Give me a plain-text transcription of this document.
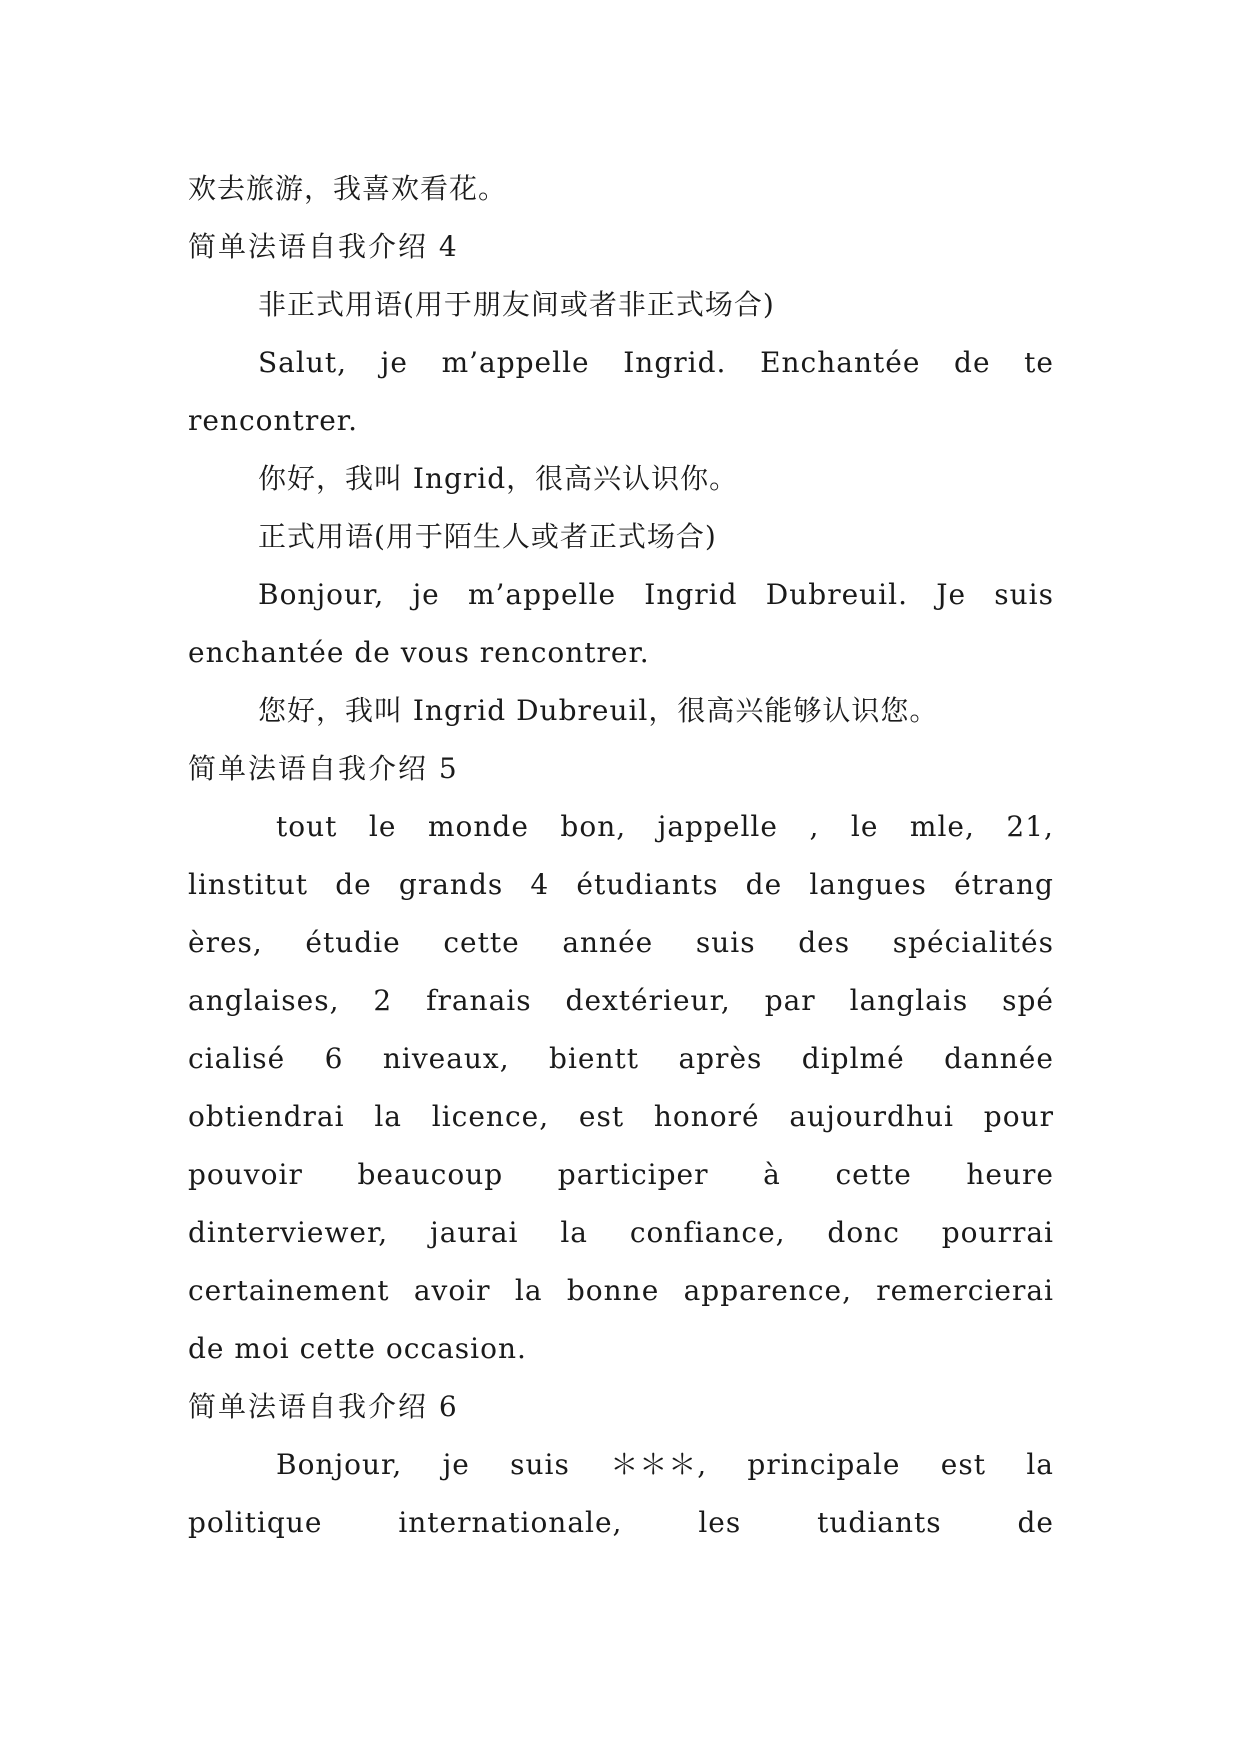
欢去旅游，我喜欢看花。
简单法语自我介绍 4
非正式用语(用于朋友间或者非正式场合)
Salut, je m’appelle Ingrid. Enchantée de te
rencontrer.
你好，我叫 Ingrid，很高兴认识你。
正式用语(用于陌生人或者正式场合)
Bonjour, je m’appelle Ingrid Dubreuil. Je suis
enchantée de vous rencontrer.
您好，我叫 Ingrid Dubreuil，很高兴能够认识您。
简单法语自我介绍 5
tout le monde bon, jappelle , le mle, 21,
linstitut de grands 4 étudiants de langues étrang
ères, étudie cette année suis des spécialités
anglaises, 2 franais dextérieur, par langlais spé
cialisé 6 niveaux, bientt après diplmé dannée
obtiendrai la licence, est honoré aujourdhui pour
pouvoir beaucoup participer à cette heure
dinterviewer, jaurai la confiance, donc pourrai
certainement avoir la bonne apparence, remercierai
de moi cette occasion.
简单法语自我介绍 6
Bonjour, je suis ＊＊＊, principale est la
politique	internationale,	les	tudiants	de
